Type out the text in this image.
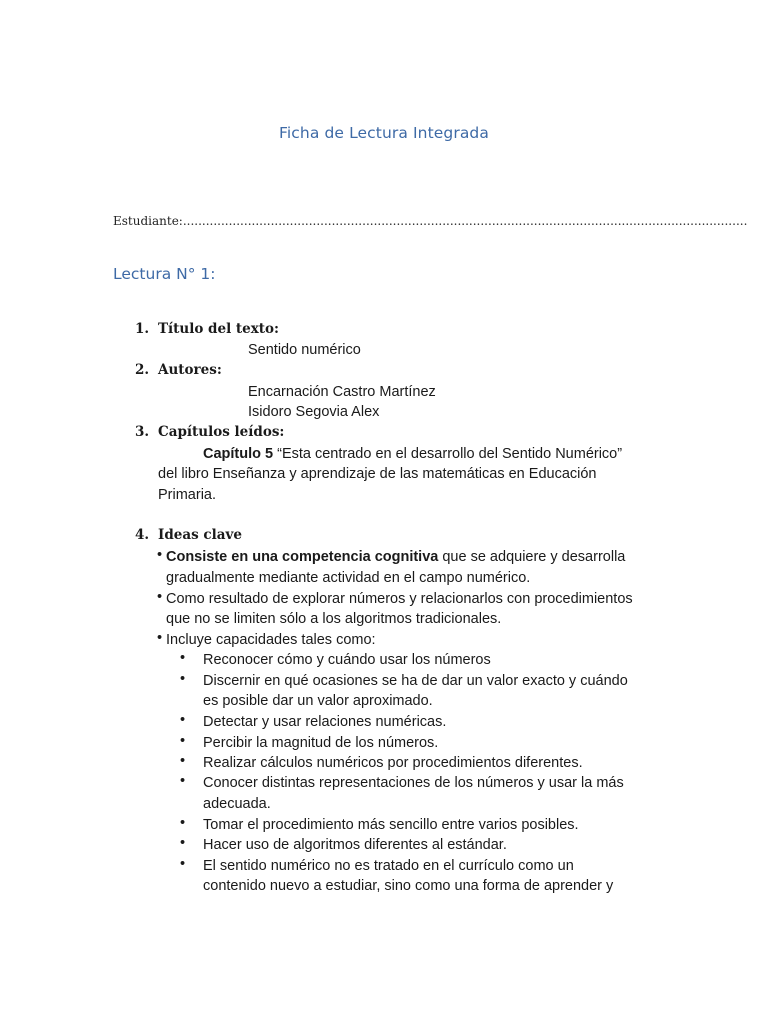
Ficha de Lectura Integrada
Estudiante:....................................................................................................................................................
Lectura N° 1:
1. Título del texto:
Sentido numérico
2. Autores:
Encarnación Castro Martínez
Isidoro Segovia Alex
3. Capítulos leídos:
Capítulo 5 “Esta centrado en el desarrollo del Sentido Numérico”
del libro Enseñanza y aprendizaje de las matemáticas en Educación
Primaria.
4. Ideas clave
• Consiste en una competencia cognitiva que se adquiere y desarrolla
gradualmente mediante actividad en el campo numérico.
• Como resultado de explorar números y relacionarlos con procedimientos
que no se limiten sólo a los algoritmos tradicionales.
• Incluye capacidades tales como:
• Reconocer cómo y cuándo usar los números
• Discernir en qué ocasiones se ha de dar un valor exacto y cuándo
es posible dar un valor aproximado.
• Detectar y usar relaciones numéricas.
• Percibir la magnitud de los números.
• Realizar cálculos numéricos por procedimientos diferentes.
• Conocer distintas representaciones de los números y usar la más
adecuada.
• Tomar el procedimiento más sencillo entre varios posibles.
• Hacer uso de algoritmos diferentes al estándar.
• El sentido numérico no es tratado en el currículo como un
contenido nuevo a estudiar, sino como una forma de aprender y
